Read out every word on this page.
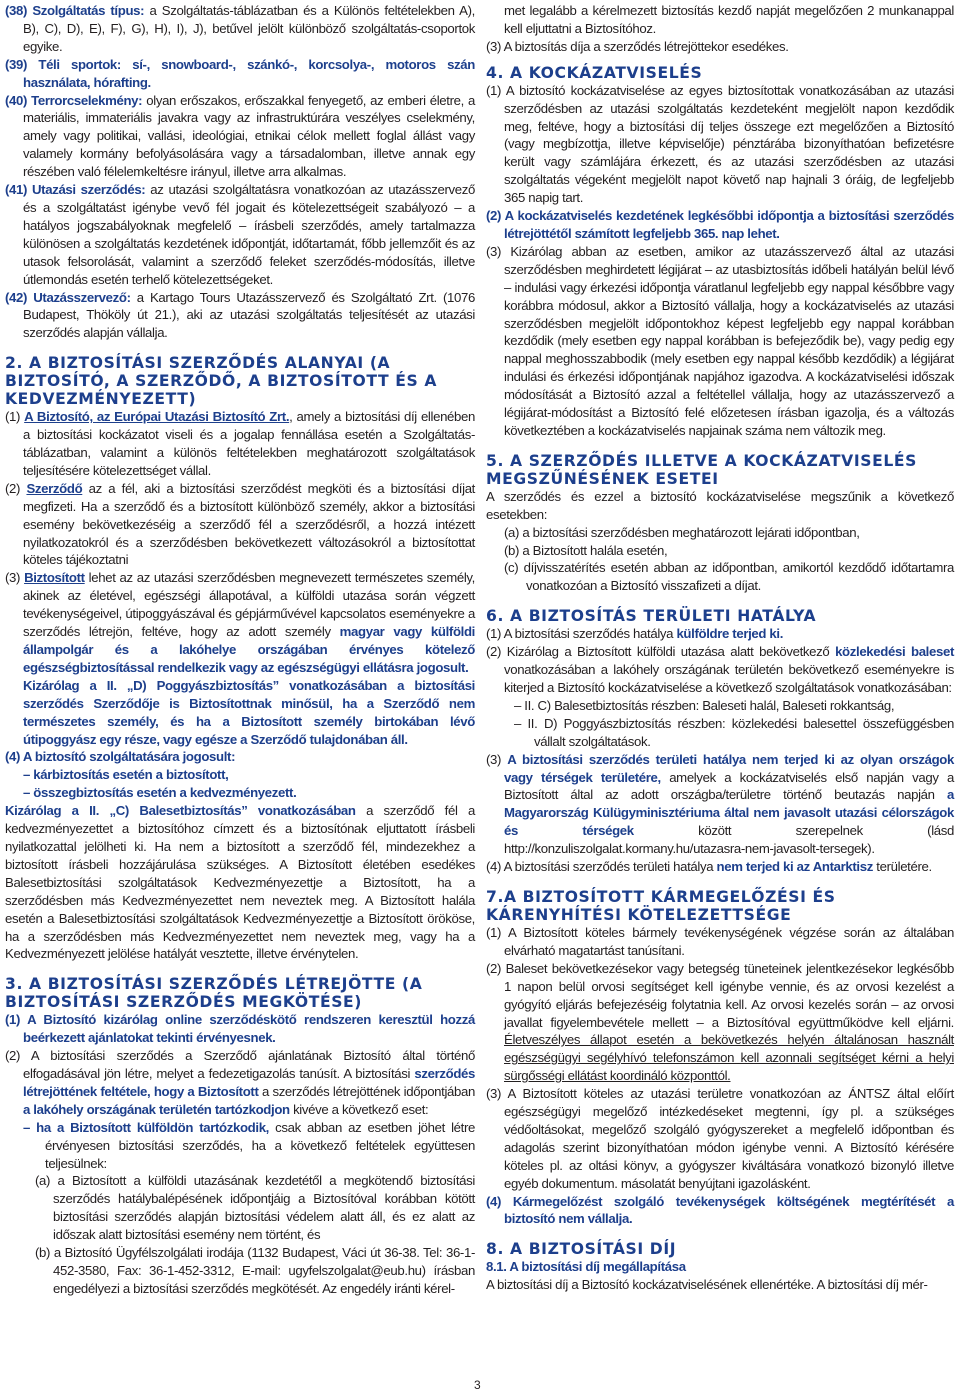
(38) Szolgáltatás típus: a Szolgáltatás-táblázatban és a Különös feltételekben A), B), C), D), E), F), G), H), I), J), betűvel jelölt különböző szolgáltatás-csoportok egyike.

(39) Téli sportok: sí-, snowboard-, szánkó-, korcsolya-, motoros szán használata, hórafting.

(40) Terrorcselekmény: olyan erőszakos, erőszakkal fenyegető, az emberi életre, a materiális, immateriális javakra vagy az infrastruktúrára veszélyes cselekmény, amely vagy politikai, vallási, ideológiai, etnikai célok mellett foglal állást vagy valamely kormány befolyásolására vagy a társadalomban, illetve annak egy részében való félelemkeltésre irányul, illetve arra alkalmas.

(41) Utazási szerződés: az utazási szolgáltatásra vonatkozóan az utazásszervező és a szolgáltatást igénybe vevő fél jogait és kötelezettségeit szabályozó – a hatályos jogszabályoknak megfelelő – írásbeli szerződés, amely tartalmazza különösen a szolgáltatás kezdetének időpontját, időtartamát, főbb jellemzőit és az utasok felsorolását, valamint a szerződő feleket szerződés-módosítás, illetve útlemondás esetén terhelő kötelezettségeket.

(42) Utazásszervező: a Kartago Tours Utazásszervező és Szolgáltató Zrt. (1076 Budapest, Thököly út 21.), aki az utazási szolgáltatás teljesítését az utazási szerződés alapján vállalja.

2. A BIZTOSÍTÁSI SZERZŐDÉS ALANYAI (A BIZTOSÍTÓ, A SZERZŐDŐ, A BIZTOSÍTOTT ÉS A KEDVEZMÉNYEZETT)

(1) A Biztosító, az Európai Utazási Biztosító Zrt., amely a biztosítási díj ellenében a biztosítási kockázatot viseli és a jogalap fennállása esetén a Szolgáltatás-táblázatban, valamint a különös feltételekben meghatározott szolgáltatások teljesítésére kötelezettséget vállal.

(2) Szerződő az a fél, aki a biztosítási szerződést megköti és a biztosítási díjat megfizeti. Ha a szerződő és a biztosított különböző személy, akkor a biztosítási esemény bekövetkezéséig a szerződő fél a szerződésről, a hozzá intézett nyilatkozatokról és a szerződésben bekövetkezett változásokról a biztosítottat köteles tájékoztatni

(3) Biztosított lehet az az utazási szerződésben megnevezett természetes személy, akinek az életével, egészségi állapotával, a külföldi utazása során végzett tevékenységeivel, útipoggyászával és gépjárművével kapcsolatos eseményekre a szerződés létrejön, feltéve, hogy az adott személy magyar vagy külföldi állampolgár és a lakóhelye országában érvényes kötelező egészségbiztosítással rendelkezik vagy az egészségügyi ellátásra jogosult.

Kizárólag a II. „D) Poggyászbiztosítás” vonatkozásában a biztosítási szerződés Szerződője is Biztosítottnak minősül, ha a Szerződő nem természetes személy, és ha a Biztosított személy birtokában lévő útipoggyász egy része, vagy egésze a Szerződő tulajdonában áll.

(4) A biztosító szolgáltatására jogosult:

– kárbiztosítás esetén a biztosított,

– összegbiztosítás esetén a kedvezményezett.

Kizárólag a II. „C) Balesetbiztosítás” vonatkozásában a szerződő fél a kedvezményezettet a biztosítóhoz címzett és a biztosítónak eljuttatott írásbeli nyilatkozattal jelölheti ki. Ha nem a biztosított a szerződő fél, mindezekhez a biztosított írásbeli hozzájárulása szükséges. A Biztosított életében esedékes Balesetbiztosítási szolgáltatások Kedvezményezettje a Biztosított, ha a szerződésben más Kedvezményezettet nem neveztek meg. A Biztosított halála esetén a Balesetbiztosítási szolgáltatások Kedvezményezettje a Biztosított örököse, ha a szerződésben más Kedvezményezettet nem neveztek meg, vagy ha a Kedvezményezett jelölése hatályát vesztette, illetve érvénytelen.

3. A BIZTOSÍTÁSI SZERZŐDÉS LÉTREJÖTTE (A BIZTOSÍTÁSI SZERZŐDÉS MEGKÖTÉSE)

(1) A Biztosító kizárólag online szerződéskötő rendszeren keresztül hozzá beérkezett ajánlatokat tekinti érvényesnek.

(2) A biztosítási szerződés a Szerződő ajánlatának Biztosító által történő elfogadásával jön létre, melyet a fedezetigazolás tanúsít. A biztosítási szerződés létrejöttének feltétele, hogy a Biztosított a szerződés létrejöttének időpontjában a lakóhely országának területén tartózkodjon kivéve a következő eset:

– ha a Biztosított külföldön tartózkodik, csak abban az esetben jöhet létre érvényesen biztosítási szerződés, ha a következő feltételek együttesen teljesülnek:

(a) a Biztosított a külföldi utazásának kezdetétől a megkötendő biztosítási szerződés hatálybalépésének időpontjáig a Biztosítóval korábban kötött biztosítási szerződés alapján biztosítási védelem alatt áll, és ez alatt az időszak alatt biztosítási esemény nem történt, és

(b) a Biztosító Ügyfélszolgálati irodája (1132 Budapest, Váci út 36-38. Tel: 36-1-452-3580, Fax: 36-1-452-3312, E-mail: ugyfelszolgalat@eub.hu) írásban engedélyezi a biztosítási szerződés megkötését. Az engedély iránti kérel-

met legalább a kérelmezett biztosítás kezdő napját megelőzően 2 munkanappal kell eljuttatni a Biztosítóhoz.

(3) A biztosítás díja a szerződés létrejöttekor esedékes.

4. A KOCKÁZATVISELÉS

(1) A biztosító kockázatviselése az egyes biztosítottak vonatkozásában az utazási szerződésben az utazási szolgáltatás kezdeteként megjelölt napon kezdődik meg, feltéve, hogy a biztosítási díj teljes összege ezt megelőzően a Biztosító (vagy megbízottja, illetve képviselője) pénztárába bizonyíthatóan befizetésre került vagy számlájára érkezett, és az utazási szerződésben az utazási szolgáltatás végeként megjelölt napot követő nap hajnali 3 óráig, de legfeljebb 365 napig tart.

(2) A kockázatviselés kezdetének legkésőbbi időpontja a biztosítási szerződés létrejöttétől számított legfeljebb 365. nap lehet.

(3) Kizárólag abban az esetben, amikor az utazásszervező által az utazási szerződésben meghirdetett légijárat – az utasbiztosítás időbeli hatályán belül lévő – indulási vagy érkezési időpontja váratlanul legfeljebb egy nappal későbbre vagy korábbra módosul, akkor a Biztosító vállalja, hogy a kockázatviselés az utazási szerződésben megjelölt időpontokhoz képest legfeljebb egy nappal korábban kezdődik (mely esetben egy nappal korábban is befejeződik be), vagy pedig egy nappal meghosszabbodik (mely esetben egy nappal később kezdődik) a légijárat indulási és érkezési időpontjának napjához igazodva. A kockázatviselési időszak módosítását a Biztosító azzal a feltétellel vállalja, hogy az utazásszervező a légijárat-módosítást a Biztosító felé előzetesen írásban igazolja, és a változás következtében a kockázatviselés napjainak száma nem változik meg.

5. A SZERZŐDÉS ILLETVE A KOCKÁZATVISELÉS MEGSZŰNÉSÉNEK ESETEI

A szerződés és ezzel a biztosító kockázatviselése megszűnik a következő esetekben:

(a) a biztosítási szerződésben meghatározott lejárati időpontban,

(b) a Biztosított halála esetén,

(c) díjvisszatérítés esetén abban az időpontban, amikortól kezdődő időtartamra vonatkozóan a Biztosító visszafizeti a díjat.

6. A BIZTOSÍTÁS TERÜLETI HATÁLYA

(1) A biztosítási szerződés hatálya külföldre terjed ki.

(2) Kizárólag a Biztosított külföldi utazása alatt bekövetkező közlekedési baleset vonatkozásában a lakóhely országának területén bekövetkező eseményekre is kiterjed a Biztosító kockázatviselése a következő szolgáltatások vonatkozásában:

– II. C) Balesetbiztosítás részben: Baleseti halál, Baleseti rokkantság,

– II. D) Poggyászbiztosítás részben: közlekedési balesettel összefüggésben vállalt szolgáltatások.

(3) A biztosítási szerződés területi hatálya nem terjed ki az olyan országok vagy térségek területére, amelyek a kockázatviselés első napján vagy a Biztosított által az adott országba/területre történő beutazás napján a Magyarország Külügyminisztériuma által nem javasolt utazási célországok és térségek között szerepelnek (lásd http://konzuliszolgalat.kormany.hu/utazasra-nem-javasolt-tersegek).

(4) A biztosítási szerződés területi hatálya nem terjed ki az Antarktisz területére.

7.A BIZTOSÍTOTT KÁRMEGELŐZÉSI ÉS KÁRENYHÍTÉSI KÖTELEZETTSÉGE

(1) A Biztosított köteles bármely tevékenységének végzése során az általában elvárható magatartást tanúsítani.

(2) Baleset bekövetkezésekor vagy betegség tüneteinek jelentkezésekor legkésőbb 1 napon belül orvosi segítséget kell igénybe vennie, és az orvosi kezelést a gyógyító eljárás befejezéséig folytatnia kell. Az orvosi kezelés során – az orvosi javallat figyelembevétele mellett – a Biztosítóval együttműködve kell eljárni. Életveszélyes állapot esetén a bekövetkezés helyén általánosan használt egészségügyi segélyhívó telefonszámon kell azonnali segítséget kérni a helyi sürgősségi ellátást koordináló központtól.

(3) A Biztosított köteles az utazási területre vonatkozóan az ÁNTSZ által előírt egészségügyi megelőző intézkedéseket megtenni, így pl. a szükséges védőoltásokat, megelőző szolgáló gyógyszereket a megfelelő időpontban és adagolás szerint bizonyíthatóan módon igénybe venni. A Biztosító kérésére köteles pl. az oltási könyv, a gyógyszer kiváltására vonatkozó bizonyló illetve egyéb dokumentum. másolatát benyújtani igazolásként.

(4) Kármegelőzést szolgáló tevékenységek költségének megtérítését a biztosító nem vállalja.

8. A BIZTOSÍTÁSI DÍJ

8.1. A biztosítási díj megállapítása

A biztosítási díj a Biztosító kockázatviselésének ellenértéke. A biztosítási díj mér-

3
